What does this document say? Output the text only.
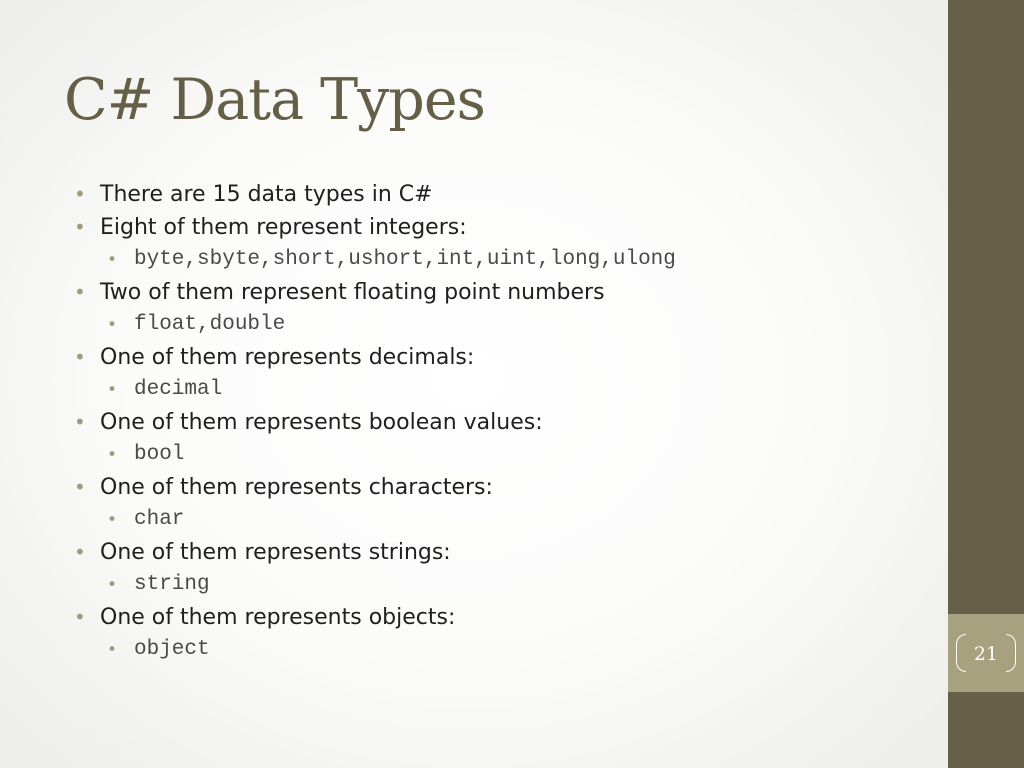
C# Data Types
• There are 15 data types in C#
• Eight of them represent integers:
• byte,sbyte,short,ushort,int,uint,long,ulong
• Two of them represent floating point numbers
• float,double
• One of them represents decimals:
• decimal
• One of them represents boolean values:
• bool
• One of them represents characters:
• char
• One of them represents strings:
• string
• One of them represents objects:
• object	21
